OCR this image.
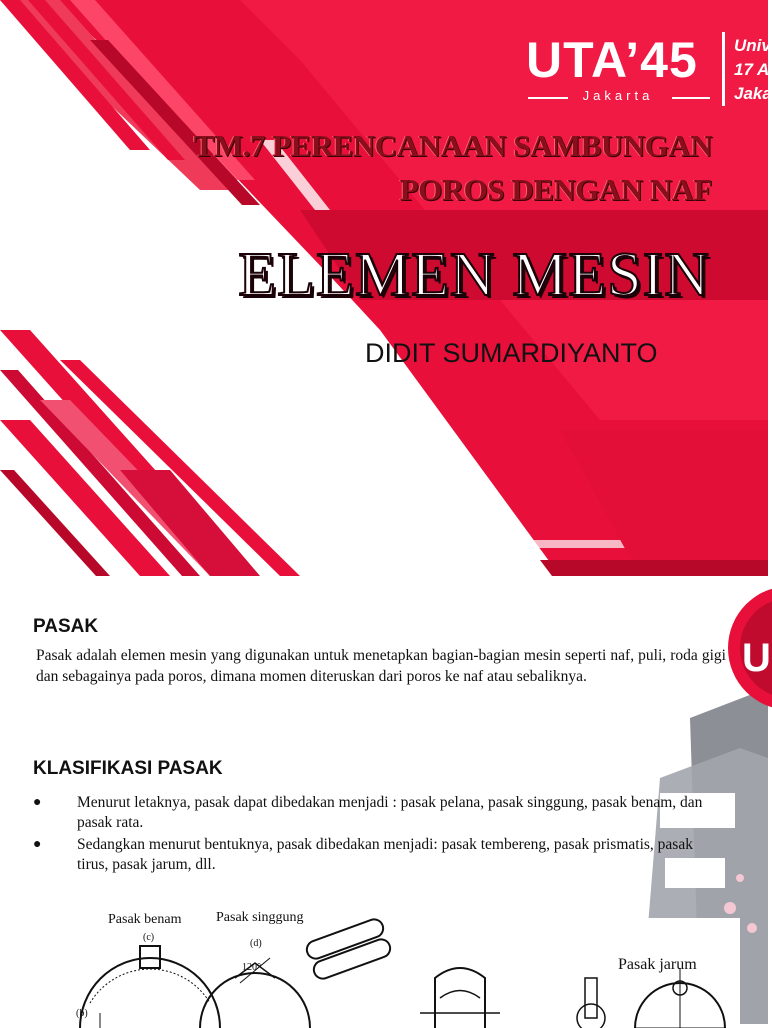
UTA’45
Jakarta
Univ
17 A
Jaka
TM.7 PERENCANAAN SAMBUNGAN
POROS DENGAN NAF
ELEMEN MESIN
DIDIT SUMARDIYANTO
U
PASAK
Pasak adalah elemen mesin yang digunakan untuk menetapkan bagian-bagian mesin seperti naf, puli, roda gigi dan sebagainya pada poros, dimana momen diteruskan dari poros ke naf atau sebaliknya.
KLASIFIKASI PASAK
● Menurut letaknya, pasak dapat dibedakan menjadi : pasak pelana, pasak singgung, pasak benam, dan pasak rata.
● Sedangkan menurut bentuknya, pasak dibedakan menjadi: pasak tembereng, pasak prismatis, pasak tirus, pasak jarum, dll.
Pasak benam Pasak singgung
Pasak jarum
(c)
(d)
(b)
120°
